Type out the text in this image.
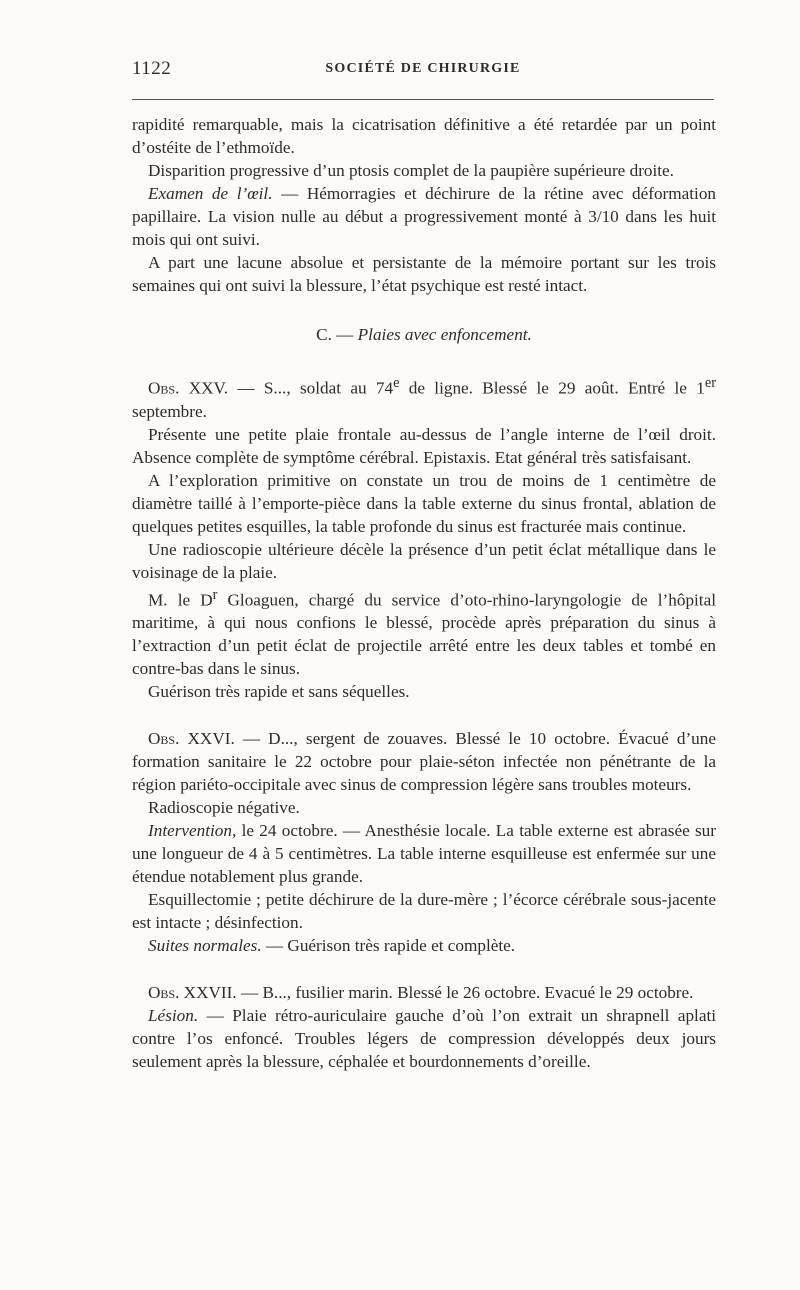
1122	SOCIÉTÉ DE CHIRURGIE

rapidité remarquable, mais la cicatrisation définitive a été retardée par un point d’ostéite de l’ethmoïde.

Disparition progressive d’un ptosis complet de la paupière supérieure droite.

Examen de l’œil. — Hémorragies et déchirure de la rétine avec déformation papillaire. La vision nulle au début a progressivement monté à 3/10 dans les huit mois qui ont suivi.

A part une lacune absolue et persistante de la mémoire portant sur les trois semaines qui ont suivi la blessure, l’état psychique est resté intact.

C. — Plaies avec enfoncement.

Obs. XXV. — S..., soldat au 74e de ligne. Blessé le 29 août. Entré le 1er septembre.

Présente une petite plaie frontale au-dessus de l’angle interne de l’œil droit. Absence complète de symptôme cérébral. Epistaxis. Etat général très satisfaisant.

A l’exploration primitive on constate un trou de moins de 1 centimètre de diamètre taillé à l’emporte-pièce dans la table externe du sinus frontal, ablation de quelques petites esquilles, la table profonde du sinus est fracturée mais continue.

Une radioscopie ultérieure décèle la présence d’un petit éclat métallique dans le voisinage de la plaie.

M. le $D^r$ Gloaguen, chargé du service d’oto-rhino-laryngologie de l’hôpital maritime, à qui nous confions le blessé, procède après préparation du sinus à l’extraction d’un petit éclat de projectile arrêté entre les deux tables et tombé en contre-bas dans le sinus.

Guérison très rapide et sans séquelles.

Obs. XXVI. — D..., sergent de zouaves. Blessé le 10 octobre. Évacué d’une formation sanitaire le 22 octobre pour plaie-séton infectée non pénétrante de la région pariéto-occipitale avec sinus de compression légère sans troubles moteurs.

Radioscopie négative.

Intervention, le 24 octobre. — Anesthésie locale. La table externe est abrasée sur une longueur de 4 à 5 centimètres. La table interne esquilleuse est enfermée sur une étendue notablement plus grande.

Esquillectomie ; petite déchirure de la dure-mère ; l’écorce cérébrale sous-jacente est intacte ; désinfection.

Suites normales. — Guérison très rapide et complète.

Obs. XXVII. — B..., fusilier marin. Blessé le 26 octobre. Evacué le 29 octobre.

Lésion. — Plaie rétro-auriculaire gauche d’où l’on extrait un shrapnell aplati contre l’os enfoncé. Troubles légers de compression développés deux jours seulement après la blessure, céphalée et bourdonnements d’oreille.
